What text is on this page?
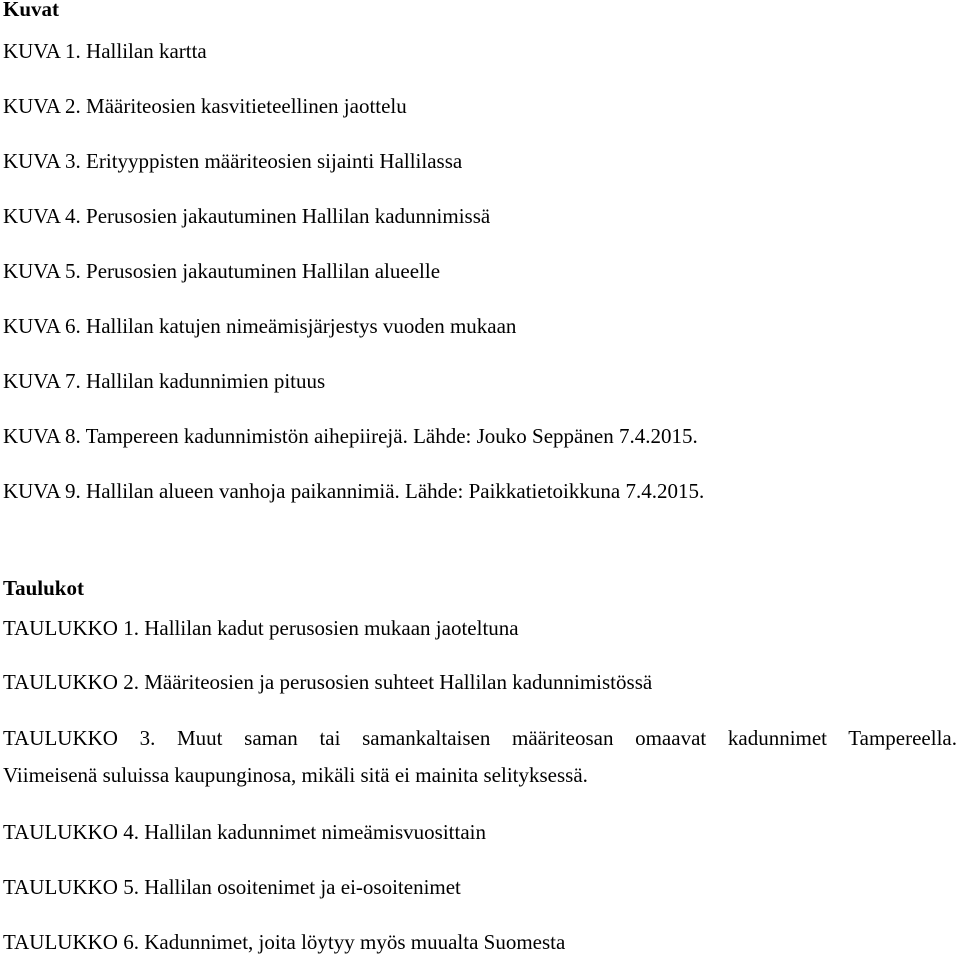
Kuvat
KUVA 1. Hallilan kartta
KUVA 2. Määriteosien kasvitieteellinen jaottelu
KUVA 3. Erityyppisten määriteosien sijainti Hallilassa
KUVA 4. Perusosien jakautuminen Hallilan kadunnimissä
KUVA 5. Perusosien jakautuminen Hallilan alueelle
KUVA 6. Hallilan katujen nimeämisjärjestys vuoden mukaan
KUVA 7. Hallilan kadunnimien pituus
KUVA 8. Tampereen kadunnimistön aihepiirejä. Lähde: Jouko Seppänen 7.4.2015.
KUVA 9. Hallilan alueen vanhoja paikannimiä. Lähde: Paikkatietoikkuna 7.4.2015.
Taulukot
TAULUKKO 1. Hallilan kadut perusosien mukaan jaoteltuna
TAULUKKO 2. Määriteosien ja perusosien suhteet Hallilan kadunnimistössä
TAULUKKO 3. Muut saman tai samankaltaisen määriteosan omaavat kadunnimet Tampereella.
Viimeisenä suluissa kaupunginosa, mikäli sitä ei mainita selityksessä.
TAULUKKO 4. Hallilan kadunnimet nimeämisvuosittain
TAULUKKO 5. Hallilan osoitenimet ja ei-osoitenimet
TAULUKKO 6. Kadunnimet, joita löytyy myös muualta Suomesta
